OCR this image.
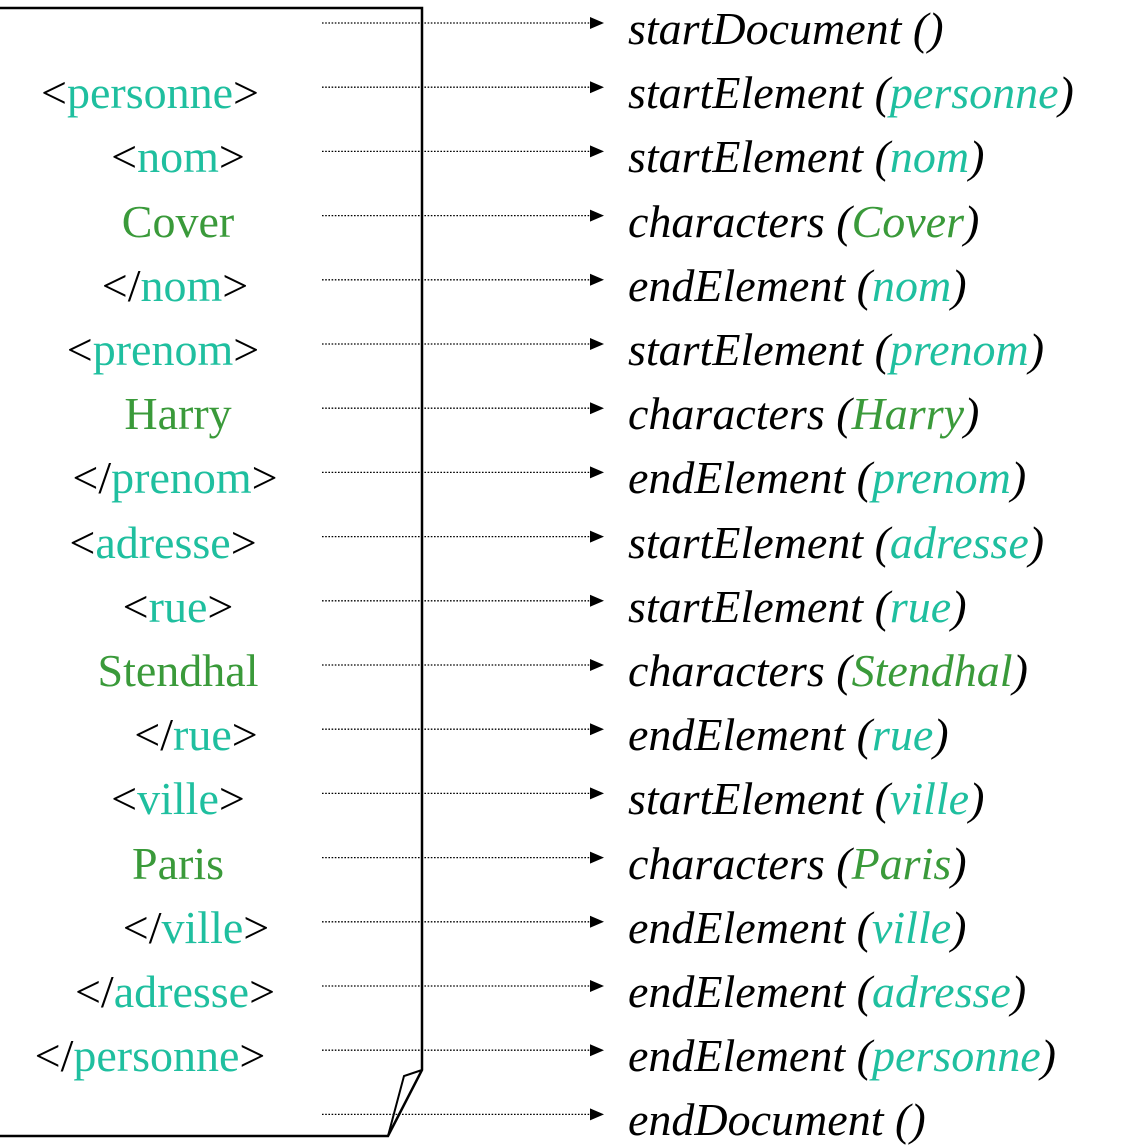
<personne>
<nom>
Cover
</nom>
<prenom>
Harry
</prenom>
<adresse>
<rue>
Stendhal
</rue>
<ville>
Paris
</ville>
</adresse>
</personne>
startDocument ()
startElement (personne)
startElement (nom)
characters (Cover)
endElement (nom)
startElement (prenom)
characters (Harry)
endElement (prenom)
startElement (adresse)
startElement (rue)
characters (Stendhal)
endElement (rue)
startElement (ville)
characters (Paris)
endElement (ville)
endElement (adresse)
endElement (personne)
endDocument ()
